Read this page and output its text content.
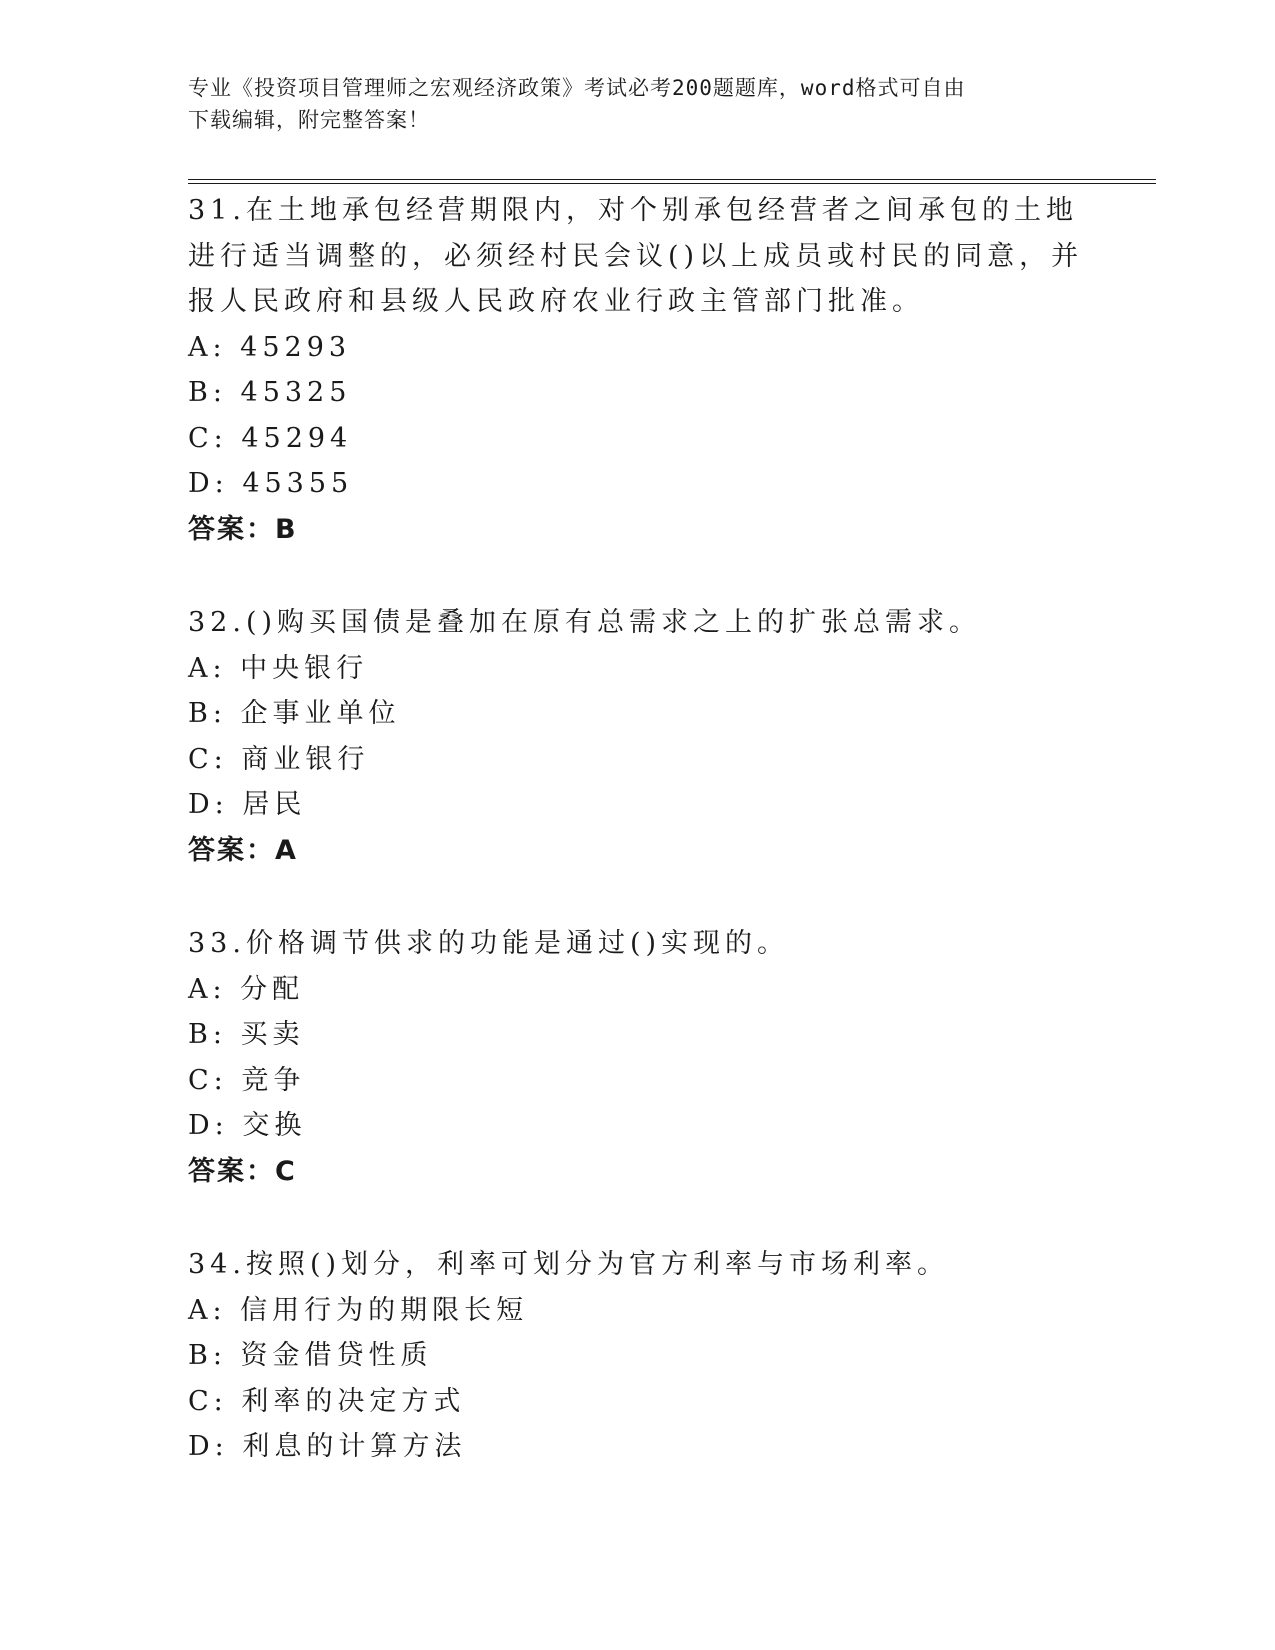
专业《投资项目管理师之宏观经济政策》考试必考200题题库，word格式可自由
下载编辑，附完整答案！
31.在土地承包经营期限内，对个别承包经营者之间承包的土地进行适当调整的，必须经村民会议()以上成员或村民的同意，并报人民政府和县级人民政府农业行政主管部门批准。
A: 45293
B: 45325
C: 45294
D: 45355
答案：B
32.()购买国债是叠加在原有总需求之上的扩张总需求。
A: 中央银行
B: 企事业单位
C: 商业银行
D: 居民
答案：A
33.价格调节供求的功能是通过()实现的。
A: 分配
B: 买卖
C: 竞争
D: 交换
答案：C
34.按照()划分，利率可划分为官方利率与市场利率。
A: 信用行为的期限长短
B: 资金借贷性质
C: 利率的决定方式
D: 利息的计算方法
